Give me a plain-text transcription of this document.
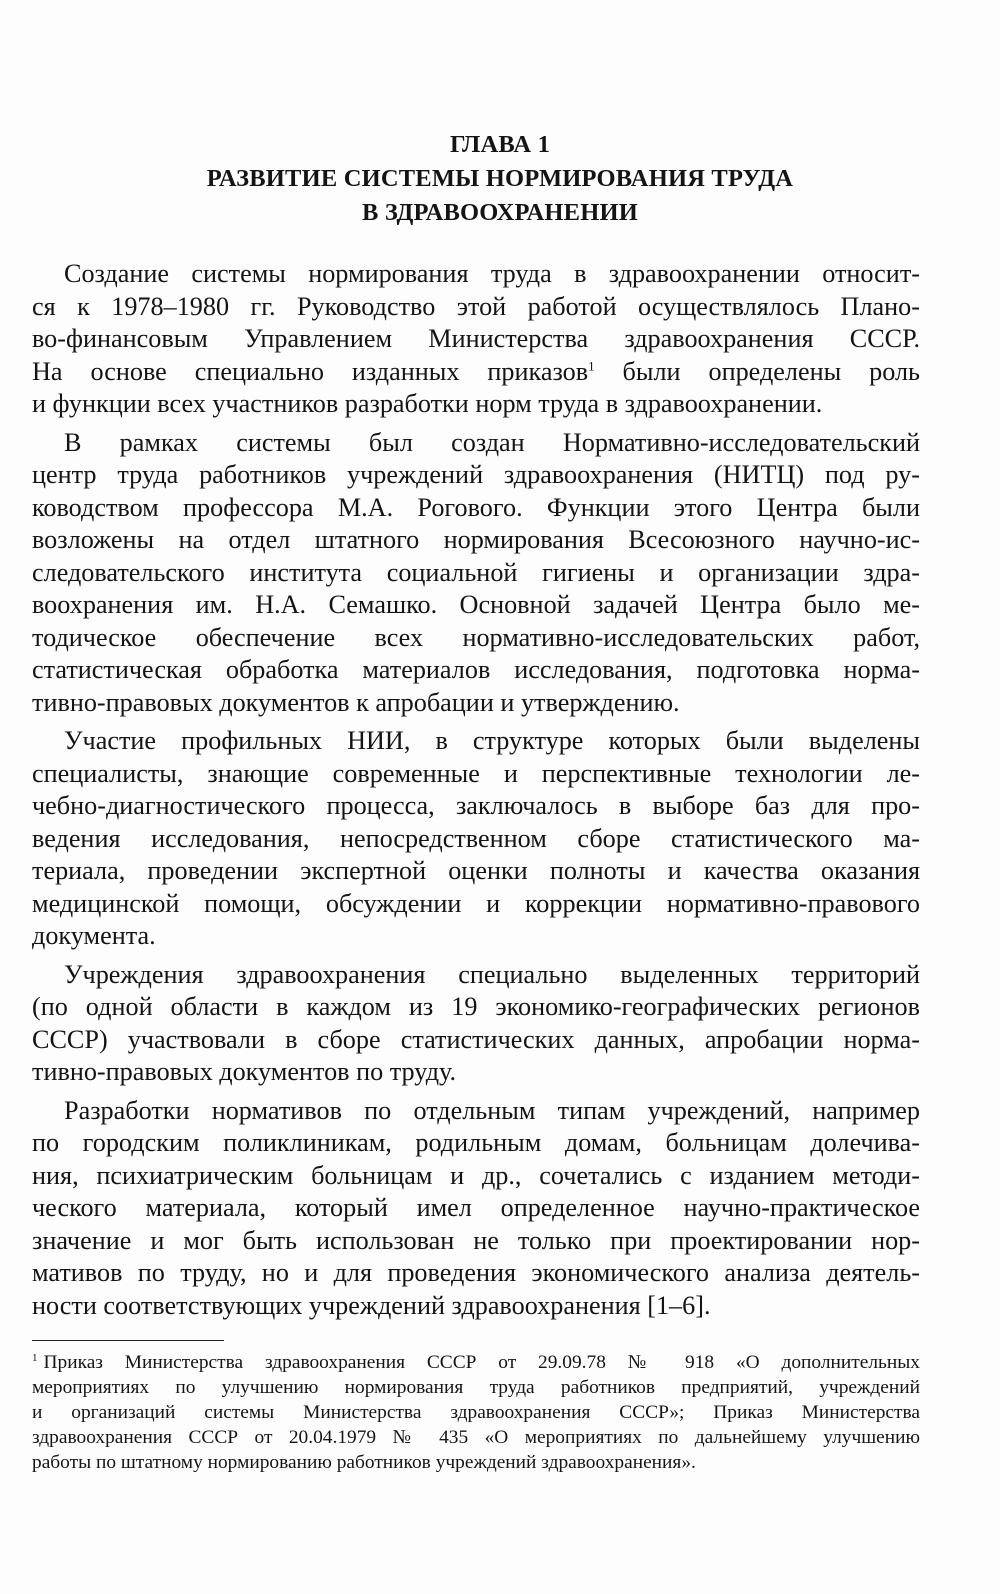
ГЛАВА 1
РАЗВИТИЕ СИСТЕМЫ НОРМИРОВАНИЯ ТРУДА
В ЗДРАВООХРАНЕНИИ
Создание системы нормирования труда в здравоохранении относит-
ся к 1978–1980 гг. Руководство этой работой осуществлялось Плано-
во-финансовым Управлением Министерства здравоохранения СССР.
На основе специально изданных приказов$^1$ были определены роль
и функции всех участников разработки норм труда в здравоохранении.
В рамках системы был создан Нормативно-исследовательский
центр труда работников учреждений здравоохранения (НИТЦ) под ру-
ководством профессора М.А. Рогового. Функции этого Центра были
возложены на отдел штатного нормирования Всесоюзного научно-ис-
следовательского института социальной гигиены и организации здра-
воохранения им. Н.А. Семашко. Основной задачей Центра было ме-
тодическое обеспечение всех нормативно-исследовательских работ,
статистическая обработка материалов исследования, подготовка норма-
тивно-правовых документов к апробации и утверждению.
Участие профильных НИИ, в структуре которых были выделены
специалисты, знающие современные и перспективные технологии ле-
чебно-диагностического процесса, заключалось в выборе баз для про-
ведения исследования, непосредственном сборе статистического ма-
териала, проведении экспертной оценки полноты и качества оказания
медицинской помощи, обсуждении и коррекции нормативно-правового
документа.
Учреждения здравоохранения специально выделенных территорий
(по одной области в каждом из 19 экономико-географических регионов
СССР) участвовали в сборе статистических данных, апробации норма-
тивно-правовых документов по труду.
Разработки нормативов по отдельным типам учреждений, например
по городским поликлиникам, родильным домам, больницам долечива-
ния, психиатрическим больницам и др., сочетались с изданием методи-
ческого материала, который имел определенное научно-практическое
значение и мог быть использован не только при проектировании нор-
мативов по труду, но и для проведения экономического анализа деятель-
ности соответствующих учреждений здравоохранения [1–6].
$^1$ Приказ Министерства здравоохранения СССР от 29.09.78 № 918 «О дополнительных
мероприятиях по улучшению нормирования труда работников предприятий, учреждений
и организаций системы Министерства здравоохранения СССР»; Приказ Министерства
здравоохранения СССР от 20.04.1979 № 435 «О мероприятиях по дальнейшему улучшению
работы по штатному нормированию работников учреждений здравоохранения».
